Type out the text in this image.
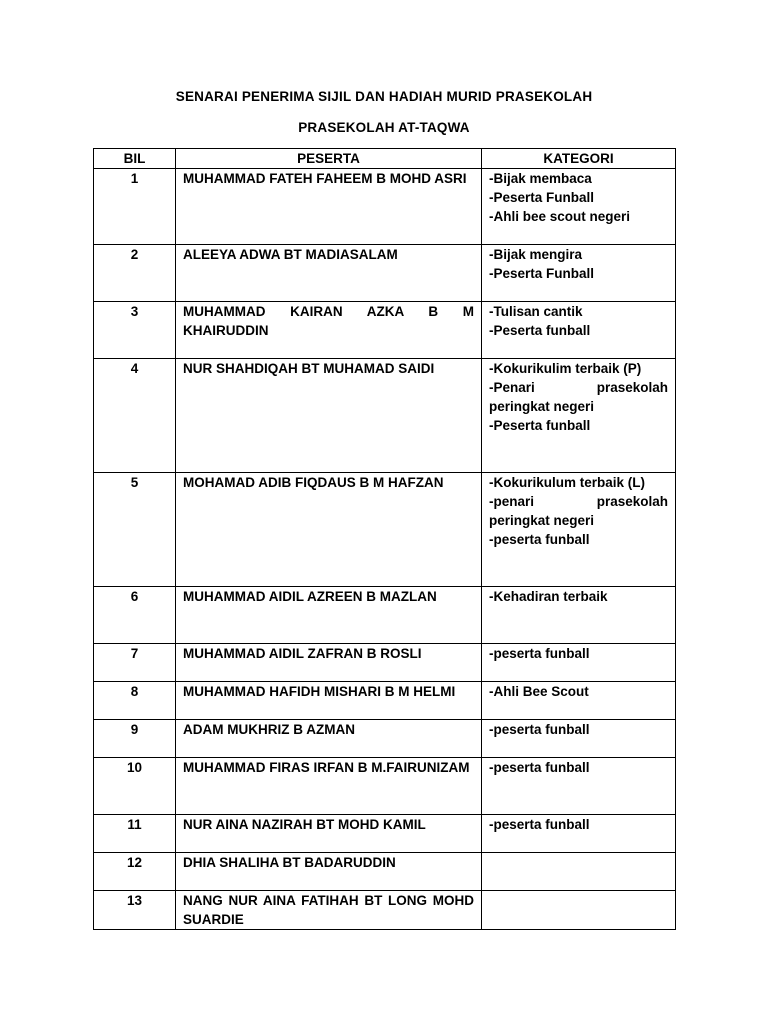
SENARAI PENERIMA SIJIL DAN HADIAH MURID PRASEKOLAH
PRASEKOLAH AT-TAQWA
BIL	PESERTA	KATEGORI
1	MUHAMMAD FATEH FAHEEM B MOHD ASRI	-Bijak membaca
-Peserta Funball
-Ahli bee scout negeri

2	ALEEYA ADWA BT MADIASALAM	-Bijak mengira
-Peserta Funball

3	MUHAMMAD KAIRAN AZKA B M KHAIRUDDIN	-Tulisan cantik
-Peserta funball

4	NUR SHAHDIQAH BT MUHAMAD SAIDI	-Kokurikulim terbaik (P)
-Penari prasekolah peringkat negeri
-Peserta funball

5	MOHAMAD ADIB FIQDAUS B M HAFZAN	-Kokurikulum terbaik (L)
-penari prasekolah peringkat negeri
-peserta funball

6	MUHAMMAD AIDIL AZREEN B MAZLAN	-Kehadiran terbaik

7	MUHAMMAD AIDIL ZAFRAN B ROSLI	-peserta funball

8	MUHAMMAD HAFIDH MISHARI B M HELMI	-Ahli Bee Scout

9	ADAM MUKHRIZ B AZMAN	-peserta funball

10	MUHAMMAD FIRAS IRFAN B M.FAIRUNIZAM	-peserta funball

11	NUR AINA NAZIRAH BT MOHD KAMIL	-peserta funball

12	DHIA SHALIHA BT BADARUDDIN	
13	NANG NUR AINA FATIHAH BT LONG MOHD SUARDIE	
